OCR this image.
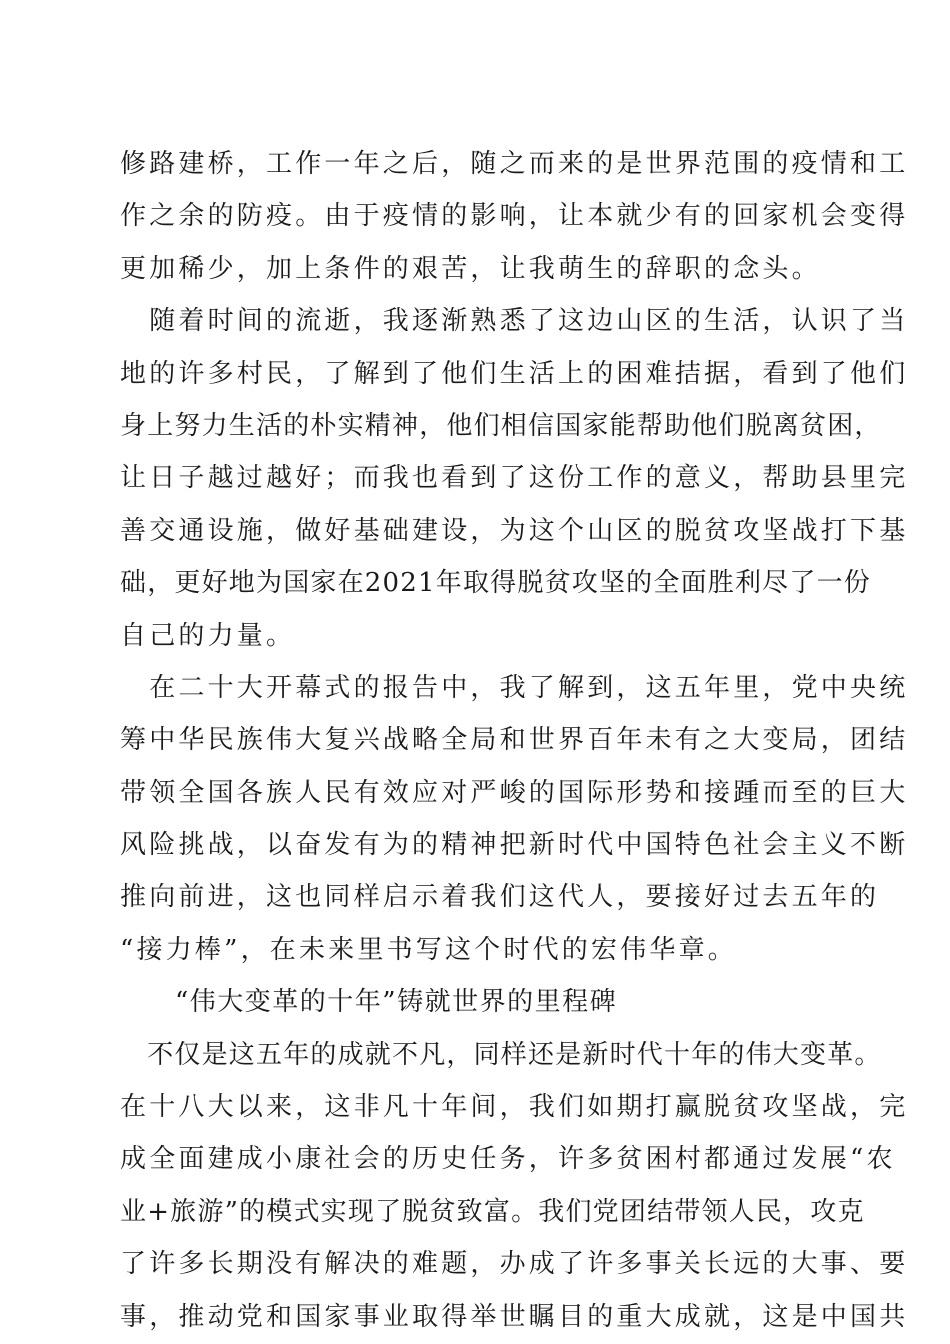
修路建桥，工作一年之后，随之而来的是世界范围的疫情和工
作之余的防疫。由于疫情的影响，让本就少有的回家机会变得
更加稀少，加上条件的艰苦，让我萌生的辞职的念头。
　随着时间的流逝，我逐渐熟悉了这边山区的生活，认识了当
地的许多村民，了解到了他们生活上的困难拮据，看到了他们
身上努力生活的朴实精神，他们相信国家能帮助他们脱离贫困，
让日子越过越好；而我也看到了这份工作的意义，帮助县里完
善交通设施，做好基础建设，为这个山区的脱贫攻坚战打下基
础，更好地为国家在2021年取得脱贫攻坚的全面胜利尽了一份
自己的力量。
　在二十大开幕式的报告中，我了解到，这五年里，党中央统
筹中华民族伟大复兴战略全局和世界百年未有之大变局，团结
带领全国各族人民有效应对严峻的国际形势和接踵而至的巨大
风险挑战，以奋发有为的精神把新时代中国特色社会主义不断
推向前进，这也同样启示着我们这代人，要接好过去五年的
“接力棒”，在未来里书写这个时代的宏伟华章。
　　“伟大变革的十年”铸就世界的里程碑
　不仅是这五年的成就不凡，同样还是新时代十年的伟大变革。
在十八大以来，这非凡十年间，我们如期打赢脱贫攻坚战，完
成全面建成小康社会的历史任务，许多贫困村都通过发展“农
业+旅游”的模式实现了脱贫致富。我们党团结带领人民，攻克
了许多长期没有解决的难题，办成了许多事关长远的大事、要
事，推动党和国家事业取得举世瞩目的重大成就，这是中国共
